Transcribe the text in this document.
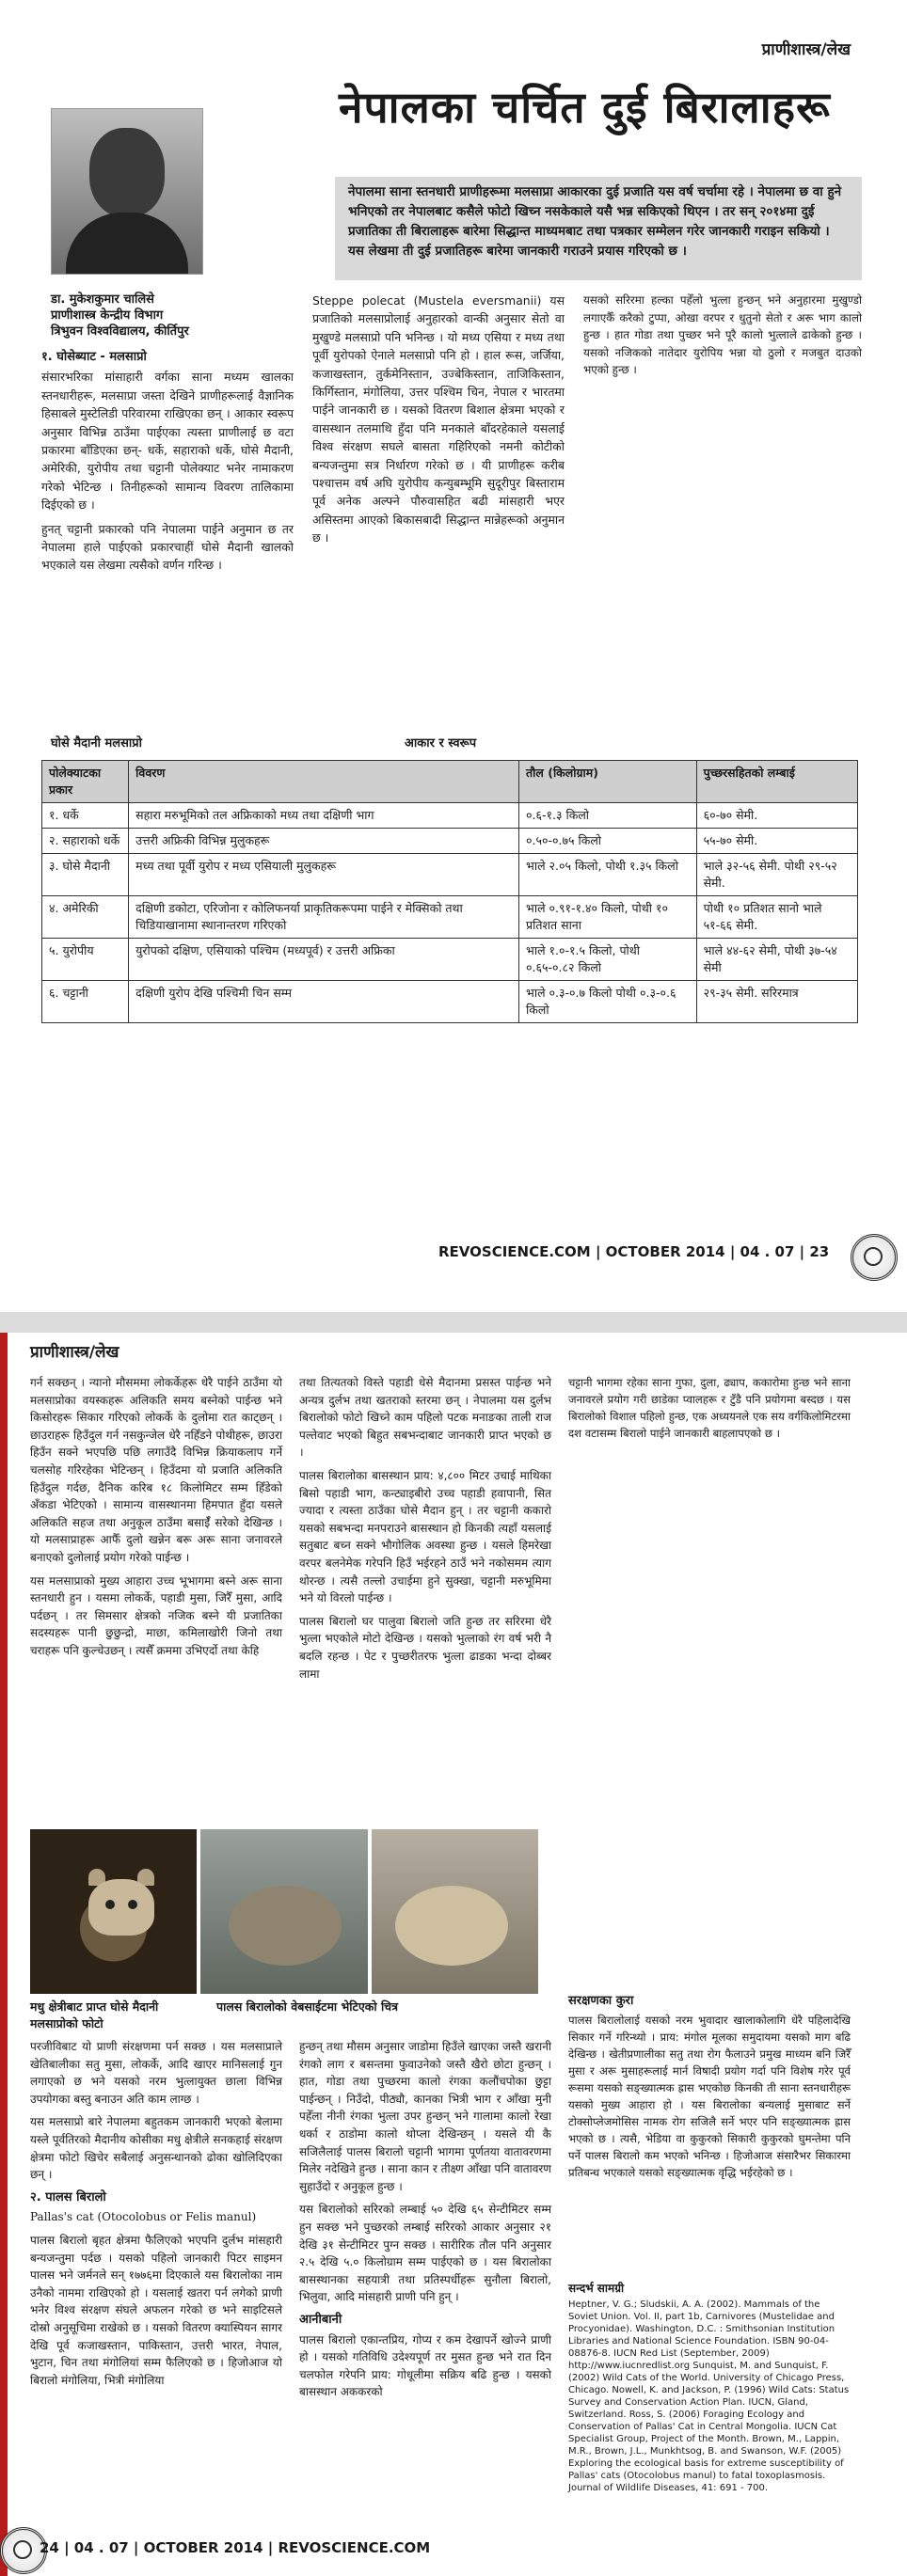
प्राणीशास्त्र/लेख
नेपालका चर्चित दुई बिरालाहरू
डा. मुकेशकुमार चालिसे
प्राणीशास्त्र केन्द्रीय विभाग
त्रिभुवन विश्वविद्यालय, कीर्तिपुर
नेपालमा साना स्तनधारी प्राणीहरूमा मलसाप्रा आकारका दुई प्रजाति यस वर्ष चर्चामा रहे । नेपालमा छ वा हुने भनिएको तर नेपालबाट कसैले फोटो खिच्न नसकेकाले यसै भन्न सकिएको थिएन । तर सन् २०१४मा दुई प्रजातिका ती बिरालाहरू बारेमा सिद्धान्त माध्यमबाट तथा पत्रकार सम्मेलन गरेर जानकारी गराइन सकियो । यस लेखमा ती दुई प्रजातिहरू बारेमा जानकारी गराउने प्रयास गरिएको छ ।
१. घोसेब्याट - मलसाप्रो

संसारभरिका मांसाहारी वर्गका साना मध्यम खालका स्तनधारीहरू, मलसाप्रा जस्ता देखिने प्राणीहरूलाई वैज्ञानिक हिसाबले मुस्टेलिडी परिवारमा राखिएका छन् । आकार स्वरूप अनुसार विभिन्न ठाउँमा पाईएका त्यस्ता प्राणीलाई छ वटा प्रकारमा बाँडिएका छन्- धर्के, सहाराको धर्के, घोसे मैदानी, अमेरिकी, युरोपीय तथा चट्टानी पोलेक्याट भनेर नामाकरण गरेको भेटिन्छ । तिनीहरूको सामान्य विवरण तालिकामा दिईएको छ ।

हुनत् चट्टानी प्रकारको पनि नेपालमा पाईने अनुमान छ तर नेपालमा हाले पाईएको प्रकारचाहीं घोसे मैदानी खालको भएकाले यस लेखमा त्यसैको वर्णन गरिन्छ ।

Steppe polecat (Mustela eversmanii) यस प्रजातिको मलसाप्रोलाई अनुहारको वान्की अनुसार सेतो वा मुखुण्डे मलसाप्रो पनि भनिन्छ । यो मध्य एसिया र मध्य तथा पूर्वी युरोपको ऐनाले मलसाप्रो पनि हो । हाल रूस, जर्जिया, कजाखस्तान, तुर्कमेनिस्तान, उज्बेकिस्तान, ताजिकिस्तान, किर्गिस्तान, मंगोलिया, उत्तर पश्चिम चिन, नेपाल र भारतमा पाईने जानकारी छ । यसको वितरण बिशाल क्षेत्रमा भएको र वासस्थान तलमाथि हुँदा पनि मनकाले बाँदरहेकाले यसलाई विश्व संरक्षण सघले बासता गहिरिएको नमनी कोटीको बन्यजन्तुमा सत्र निर्धारण गरेको छ । यी प्राणीहरू करीब पश्चात्तम वर्ष अघि युरोपीय कन्युबम्भूमि सुदूरीपुर बिस्ताराम पूर्व अनेक अल्फ्ने पौरुवासहित बढी मांसहारी भएर असिस्तमा आएको बिकासबादी सिद्धान्त मान्नेहरूको अनुमान छ ।

यसको सरिरमा हल्का पहेँलो भुत्ला हुन्छन् भने अनुहारमा मुखुण्डो लगाएकैँ करैको टुप्पा, ओखा वरपर र धुतुनो सेतो र अरू भाग कालो हुन्छ । हात गोडा तथा पुच्छर भने पूरै कालो भुत्लाले ढाकेको हुन्छ । यसको नजिकको नातेदार युरोपिय भन्ना यो ठुलो र मजबुत दाउको भएको हुन्छ ।

घोसे मैदानी मलसाप्रो	आकार र स्वरूप
पोलेक्याटका प्रकार	विवरण	तौल (किलोग्राम)	पुच्छरसहितको लम्बाई
१. धर्के	सहारा मरुभूमिको तल अफ्रिकाको मध्य तथा दक्षिणी भाग	०.६-१.३ किलो	६०-७० सेमी.
२. सहाराको धर्के	उत्तरी अफ्रिकी विभिन्न मुलुकहरू	०.५०-०.७५ किलो	५५-७० सेमी.
३. घोसे मैदानी	मध्य तथा पूर्वी युरोप र मध्य एसियाली मुलुकहरू	भाले २.०५ किलो, पोथी १.३५ किलो	भाले ३२-५६ सेमी. पोथी २९-५२ सेमी.
४. अमेरिकी	दक्षिणी डकोटा, एरिजोना र कोलिफनर्या प्राकृतिकरूपमा पाईने र मेक्सिको तथा चिडियाखानामा स्थानान्तरण गरिएको	भाले ०.९१-१.४० किलो, पोथी १० प्रतिशत साना	पोथी १० प्रतिशत सानो भाले ५१-६६ सेमी.
५. युरोपीय	युरोपको दक्षिण, एसियाको पश्चिम (मध्यपूर्व) र उत्तरी अफ्रिका	भाले १.०-१.५ किलो, पोथी ०.६५-०.८२ किलो	भाले ४४-६२ सेमी, पोथी ३७-५४ सेमी
६. चट्टानी	दक्षिणी युरोप देखि पश्चिमी चिन सम्म	भाले ०.३-०.७ किलो पोथी ०.३-०.६ किलो	२९-३५ सेमी. सरिरमात्र
REVOSCIENCE.COM | OCTOBER 2014 | 04 . 07 | 23
प्राणीशास्त्र/लेख

गर्न सक्छन् । न्यानो मौसममा लोकर्केहरू धेरै पाईने ठाउँमा यो मलसाप्रोका वयस्कहरू अलिकति समय बस्नेको पाईन्छ भने किसोरहरू सिकार गरिएको लोकर्के के दुलोमा रात काट्छन् । छाउराहरू हिउँदुल गर्न नसकुन्जेल धेरै नहिँडने पोथीहरू, छाउरा हिउँन सक्ने भएपछि पछि लगाउँदै विभिन्न क्रियाकलाप गर्ने चलसोह गरिरहेका भेटिन्छन् । हिउँदमा यो प्रजाति अलिकति हिउँदुल गर्दछ, दैनिक करिब १८ किलोमिटर सम्म हिँडेको अँकडा भेटिएको । सामान्य वासस्थानमा हिमपात हुँदा यसले अलिकति सहज तथा अनुकूल ठाउँमा बसाईँ सरेको देखिन्छ । यो मलसाप्राहरू आफैँ दुलो खन्नेन बरू अरू साना जनावरले बनाएको दुलोलाई प्रयोग गरेको पाईन्छ ।

यस मलसाप्राको मुख्य आहारा उच्च भूभागमा बस्ने अरू साना स्तनधारी हुन । यसमा लोकर्के, पहाडी मुसा, जिरैँ मुसा, आदि पर्दछन् । तर सिमसार क्षेत्रको नजिक बस्ने यी प्रजातिका सदस्यहरू पानी छुछुन्द्रो, माछा, कमिलाखोरी जिनो तथा चराहरू पनि कुल्चेउछन् । त्यसैँ क्रममा उभिएर्दो तथा केहि

तथा तित्यतको विस्ते पहाडी धेसे मैदानमा प्रसस्त पाईन्छ भने अन्यत्र दुर्लभ तथा खतराको स्तरमा छन् । नेपालमा यस दुर्लभ बिरालोको फोटो खिच्ने काम पहिलो पटक मनाङका ताली राज पल्तेवाट भएको बिहुत सबभन्दाबाट जानकारी प्राप्त भएको छ ।

पालस बिरालोका बासस्थान प्राय: ४,८०० मिटर उचाई माथिका बिसो पहाडी भाग, कन्ट्याइबीरो उच्च पहाडी हवापानी, सित ज्यादा र त्यस्ता ठाउँका घोसे मैदान हुन् । तर चट्टानी ककारो यसको सबभन्दा मनपराउने बासस्थान हो किनकी त्यहाँ यसलाई सतुबाट बच्न सक्ने भौगोलिक अवस्था हुन्छ । यसले हिमरेखा वरपर बलनेमेक गरेपनि हिउँ भईरहने ठाउँ भने नकोसमम त्याग थोरन्छ । त्यसै तल्लो उचाईमा हुने सुक्खा, चट्टानी मरुभूमिमा भने यो विरलो पाईन्छ ।

पालस बिरालो घर पालुवा बिरालो जति हुन्छ तर सरिरमा धेरै भुत्ला भएकोले मोटो देखिन्छ । यसको भुत्लाको रंग वर्ष भरी नै बदलि रहन्छ । पेट र पुच्छरीतरफ भुत्ला ढाडका भन्दा दोब्बर लामा

चट्टानी भागमा रहेका साना गुफा, दुला, ढ्याप, ककारोमा हुन्छ भने साना जनावरले प्रयोग गरी छाडेका प्वालहरू र टुँडै पनि प्रयोगमा बस्दछ । यस बिरालोको विशाल पहिलो हुन्छ, एक अध्ययनले एक सय वर्गकिलोमिटरमा दश वटासम्म बिरालो पाईने जानकारी बाहलापएको छ ।

मधु क्षेत्रीबाट प्राप्त घोसे मैदानी मलसाप्रोको फोटो
पालस बिरालोको वेबसाईटमा भेटिएको चित्र

परजीविबाट यो प्राणी संरक्षणमा पर्न सक्छ । यस मलसाप्राले खेतिबालीका सतु मुसा, लोकर्के, आदि खाएर मानिसलाई गुन लगाएको छ भने यसको नरम भुत्लायुक्त छाला विभिन्न उपयोगका बस्तु बनाउन अति काम लाग्छ ।

यस मलसाप्रो बारे नेपालमा बहुतकम जानकारी भएको बेलामा यस्ले पूर्वतिरको मैदानीय कोसीका मधु क्षेत्रीले सनकहाई संरक्षण क्षेत्रमा फोटो खिचेर सबैलाई अनुसन्धानको ढोका खोलिदिएका छन् ।

२. पालस बिरालो

Pallas's cat (Otocolobus or Felis manul)

पालस बिरालो बृहत क्षेत्रमा फैलिएको भएपनि दुर्लभ मांसहारी बन्यजन्तुमा पर्दछ । यसको पहिलो जानकारी पिटर साइमन पालस भने जर्मनले सन् १७७६मा दिएकाले यस बिरालोका नाम उनैको नाममा राखिएको हो । यसलाई खतरा पर्न लगेको प्राणी भनेर विश्व संरक्षण संघले अफलन गरेको छ भने साइटिसले दोस्रो अनुसूचिमा राखेको छ । यसको वितरण क्यास्पियन सागर देखि पूर्व कजाखस्तान, पाकिस्तान, उत्तरी भारत, नेपाल, भुटान, चिन तथा मंगोलियां सम्म फैलिएको छ । हिजोआज यो बिरालो मंगोलिया, भित्री मंगोलिया

हुन्छन् तथा मौसम अनुसार जाडोमा हिउँले खाएका जस्तै खरानी रंगको लाग र बसन्तमा फुवाउनेको जस्तै खैरो छोटा हुन्छन् । हात, गोडा तथा पुच्छरमा कालो रंगका कलौंचपोका छुट्टा पाईन्छन् । निउँदो, पीठ्यौ, कानका भित्री भाग र आँखा मुनी पहेँला नीनी रंगका भुत्ला उपर हुन्छन् भने गालामा कालो रेखा धर्का र ठाडोमा कालो थोप्ला देखिन्छन् । यसले यी कै सजिलैलाई पालस बिरालो चट्टानी भागमा पूर्णतया वातावरणमा मिलेर नदेखिने हुन्छ । साना कान र तीक्ष्ण आँखा पनि वातावरण सुहाउँदो र अनुकूल हुन्छ ।

यस बिरालोको सरिरको लम्बाई ५० देखि ६५ सेन्टीमिटर सम्म हुन सक्छ भने पुच्छरको लम्बाई सरिरको आकार अनुसार २१ देखि ३१ सेन्टीमिटर पुग्न सक्छ । सारीरिक तौल पनि अनुसार २.५ देखि ५.० किलोग्राम सम्म पाईएको छ । यस बिरालोका बासस्थानका सहयात्री तथा प्रतिस्पर्धीहरू सुनौला बिरालो, भिलुवा, आदि मांसहारी प्राणी पनि हुन् ।

आनीबानी

पालस बिरालो एकान्तप्रिय, गोप्य र कम देखापर्ने खोज्ने प्राणी हो । यसको गतिविधि उदेश्यपूर्ण तर मुसत हुन्छ भने रात दिन चलफोल गरेपनि प्राय: गोधूलीमा सक्रिय बढि हुन्छ । यसको बासस्थान अककरको

सरक्षणका कुरा

पालस बिरालोलाई यसको नरम भुवादार खालाकोलागि धेरै पहिलादेखि सिकार गर्ने गरिन्थ्यो । प्राय: मंगोल मूलका समुदायमा यसको माग बढि देखिन्छ । खेतीप्रणालीका सतु तथा रोग फैलाउने प्रमुख माध्यम बनि जिरैँ मुसा र अरू मुसाहरूलाई मार्न विषादी प्रयोग गर्दा पनि विशेष गरेर पूर्व रूसमा यसको सङ्ख्यात्मक ह्रास भएकोछ किनकी ती साना स्तनधारीहरू यसको मुख्य आहारा हो । यस बिरालोका बन्यलाई मुसाबाट सर्ने टोक्सोप्लेजमोसिस नामक रोग सजिलै सर्ने भएर पनि सङ्ख्यात्मक ह्रास भएको छ । त्यसै, भेडिया वा कुकुरको सिकारी कुकुरको घुमन्तेमा पनि पर्ने पालस बिरालो कम भएको भनिन्छ । हिजोआज संसारैभर सिकारमा प्रतिबन्ध भएकाले यसको सङ्ख्यात्मक वृद्धि भईरहेको छ ।

सन्दर्भ सामग्री
Heptner, V. G.; Sludskii, A. A. (2002). Mammals of the Soviet Union. Vol. II, part 1b, Carnivores (Mustelidae and Procyonidae). Washington, D.C. : Smithsonian Institution Libraries and National Science Foundation. ISBN 90-04-08876-8. IUCN Red List (September, 2009) http://www.iucnredlist.org Sunquist, M. and Sunquist, F. (2002) Wild Cats of the World. University of Chicago Press, Chicago. Nowell, K. and Jackson, P. (1996) Wild Cats: Status Survey and Conservation Action Plan. IUCN, Gland, Switzerland. Ross, S. (2006) Foraging Ecology and Conservation of Pallas' Cat in Central Mongolia. IUCN Cat Specialist Group, Project of the Month. Brown, M., Lappin, M.R., Brown, J.L., Munkhtsog, B. and Swanson, W.F. (2005) Exploring the ecological basis for extreme susceptibility of Pallas' cats (Otocolobus manul) to fatal toxoplasmosis. Journal of Wildlife Diseases, 41: 691 - 700.
24 | 04 . 07 | OCTOBER 2014 | REVOSCIENCE.COM
